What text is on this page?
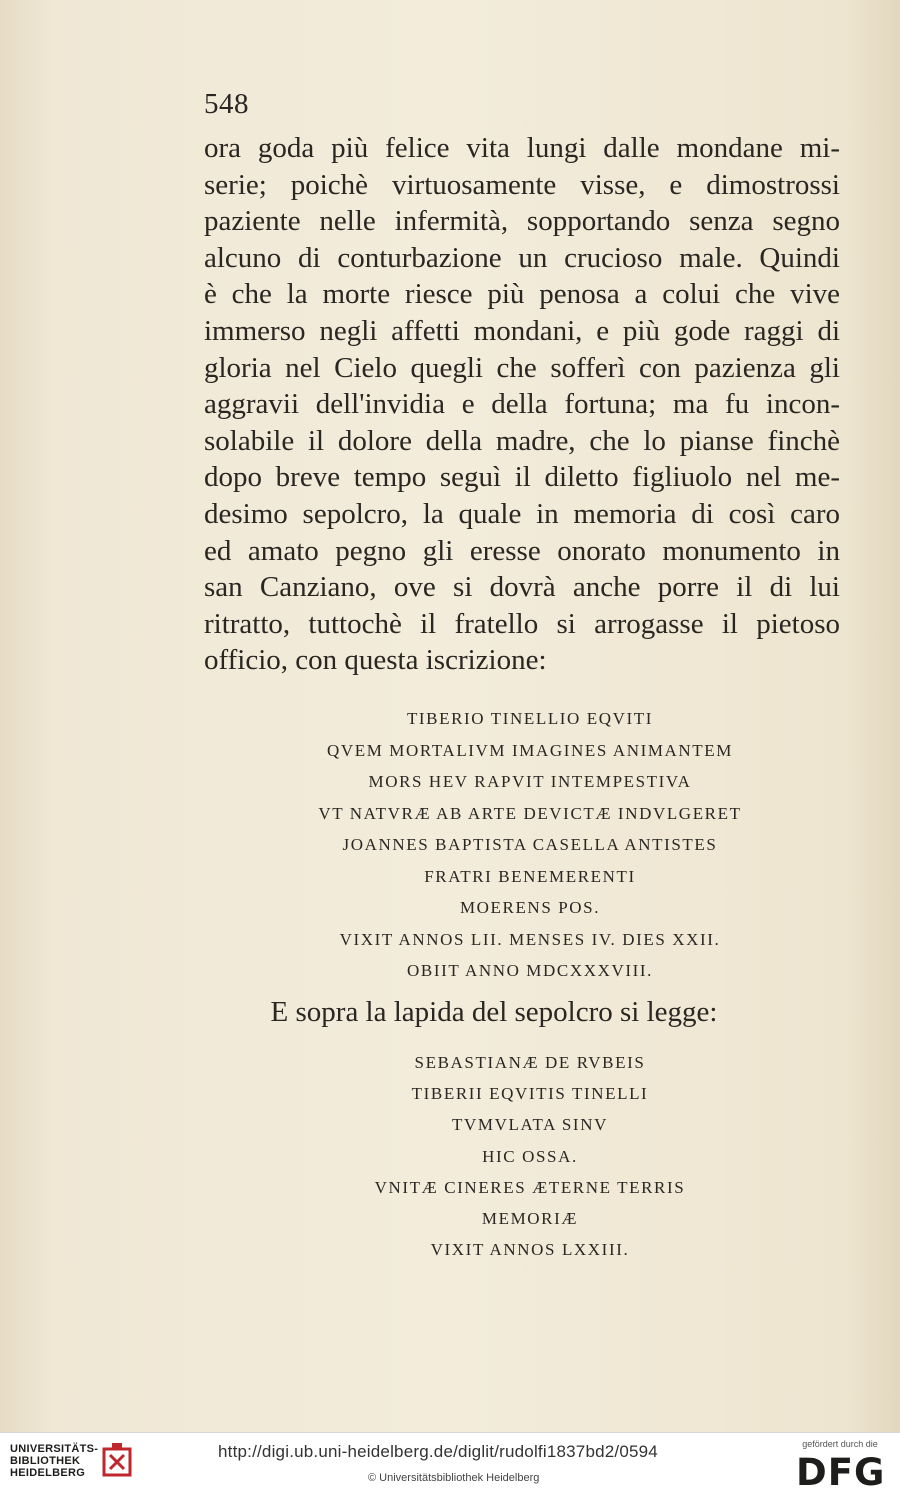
548
ora goda più felice vita lungi dalle mondane mi-
serie; poichè virtuosamente visse, e dimostrossi
paziente nelle infermità, sopportando senza segno
alcuno di conturbazione un crucioso male. Quindi
è che la morte riesce più penosa a colui che vive
immerso negli affetti mondani, e più gode raggi di
gloria nel Cielo quegli che sofferì con pazienza gli
aggravii dell'invidia e della fortuna; ma fu incon-
solabile il dolore della madre, che lo pianse finchè
dopo breve tempo seguì il diletto figliuolo nel me-
desimo sepolcro, la quale in memoria di così caro
ed amato pegno gli eresse onorato monumento in
san Canziano, ove si dovrà anche porre il di lui
ritratto, tuttochè il fratello si arrogasse il pietoso
officio, con questa iscrizione:
TIBERIO TINELLIO EQVITI
QVEM MORTALIVM IMAGINES ANIMANTEM
MORS HEV RAPVIT INTEMPESTIVA
VT NATVRÆ AB ARTE DEVICTÆ INDVLGERET
JOANNES BAPTISTA CASELLA ANTISTES
FRATRI BENEMERENTI
MOERENS POS.
VIXIT ANNOS LII. MENSES IV. DIES XXII.
OBIIT ANNO MDCXXXVIII.
E sopra la lapida del sepolcro si legge:
SEBASTIANÆ DE RVBEIS
TIBERII EQVITIS TINELLI
TVMVLATA SINV
HIC OSSA.
VNITÆ CINERES ÆTERNE TERRIS
MEMORIÆ
VIXIT ANNOS LXXIII.
UNIVERSITÄTS-
BIBLIOTHEK
HEIDELBERG
http://digi.ub.uni-heidelberg.de/diglit/rudolfi1837bd2/0594
© Universitätsbibliothek Heidelberg
gefördert durch die
DFG
